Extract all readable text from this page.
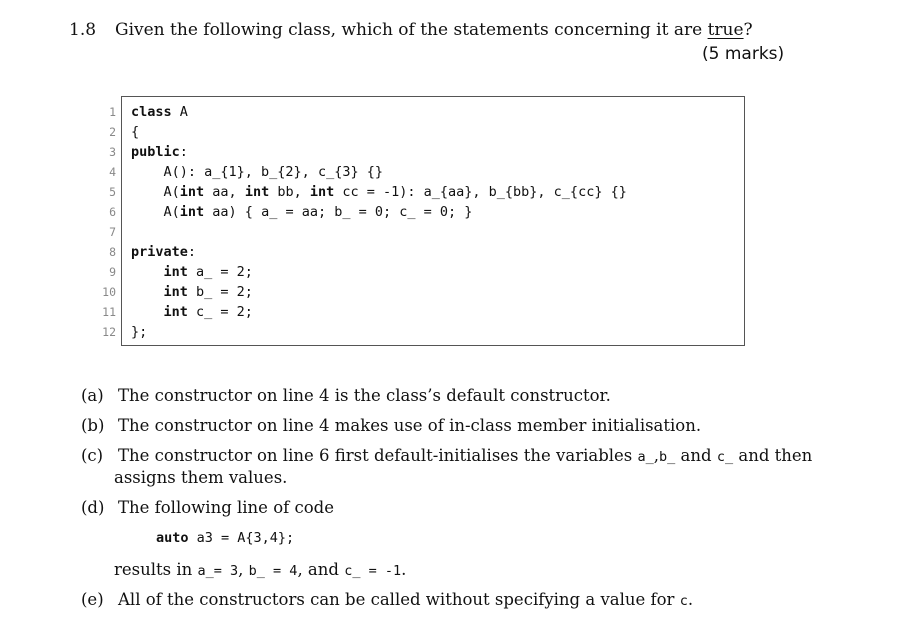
1.8 Given the following class, which of the statements concerning it are true?
(5 marks)
1
2
3
4
5
6
7
8
9
10
11
12
class A
{
public:
A(): a_{1}, b_{2}, c_{3} {}
A(int aa, int bb, int cc = -1): a_{aa}, b_{bb}, c_{cc} {}
A(int aa) { a_ = aa; b_ = 0; c_ = 0; }

private:
int a_ = 2;
int b_ = 2;
int c_ = 2;
};
(a) The constructor on line 4 is the class’s default constructor.
(b) The constructor on line 4 makes use of in-class member initialisation.
(c) The constructor on line 6 first default-initialises the variables a_,b_ and c_ and then
assigns them values.
(d) The following line of code
results in a_= 3, b_ = 4, and c_ = -1.
(e) All of the constructors can be called without specifying a value for c.
auto a3 = A{3,4};
